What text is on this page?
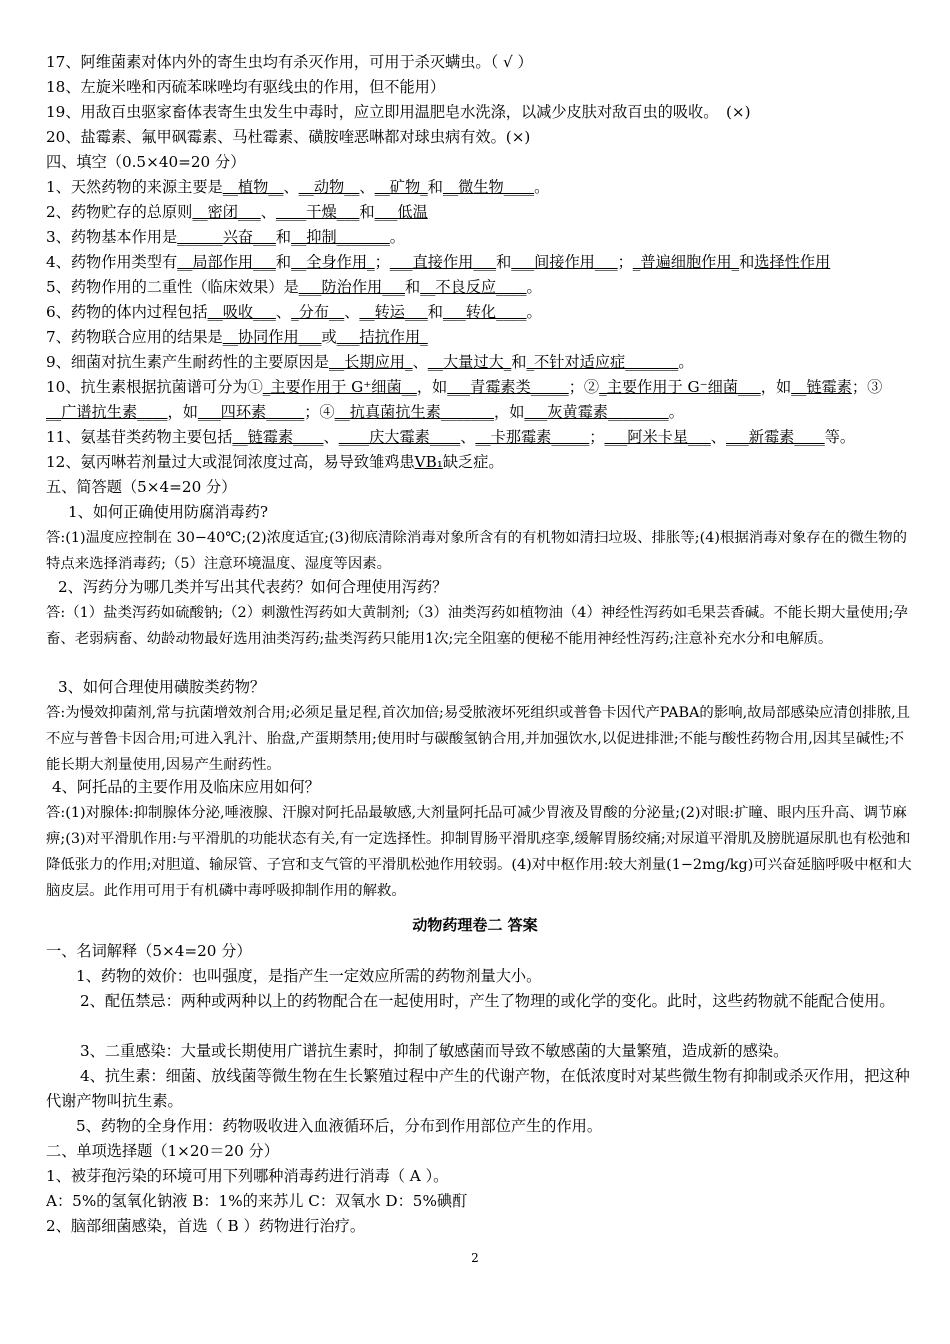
17、阿维菌素对体内外的寄生虫均有杀灭作用，可用于杀灭螨虫。（ √ ）
18、左旋米唑和丙硫苯咪唑均有驱线虫的作用，但不能用）
19、用敌百虫驱家畜体表寄生虫发生中毒时，应立即用温肥皂水洗涤，以减少皮肤对敌百虫的吸收。　(×)
20、盐霉素、氟甲砜霉素、马杜霉素、磺胺喹恶啉都对球虫病有效。(×)
四、填空（0.5×40=20 分）
1、天然药物的来源主要是__植物__、__动物__、__矿物_和__微生物____。
2、药物贮存的总原则__密闭___、____干燥___和___低温
3、药物基本作用是______兴奋___和__抑制_______。
4、药物作用类型有__局部作用___和__全身作用_；___直接作用___和___间接作用___；_普遍细胞作用_和选择性作用
5、药物作用的二重性（临床效果）是___防治作用___和__不良反应____。
6、药物的体内过程包括__吸收___、_分布__、__转运___和___转化____。
7、药物联合应用的结果是__协同作用___或___拮抗作用_
9、细菌对抗生素产生耐药性的主要原因是__长期应用_、__大量过大_和_不针对适应症_______。
10、抗生素根据抗菌谱可分为①_主要作用于 G⁺细菌__，如___青霉素类_____；②_主要作用于 G⁻细菌___，如__链霉素；③
__广谱抗生素____，如___四环素_____；④__抗真菌抗生素_______，如___灰黄霉素________。
11、氨基苷类药物主要包括__链霉素____、____庆大霉素____、__卡那霉素_____；___阿米卡星___、___新霉素____等。
12、氨丙啉若剂量过大或混饲浓度过高，易导致雏鸡患VB₁缺乏症。
五、简答题（5×4=20 分）
1、如何正确使用防腐消毒药?
答:(1)温度应控制在 30−40℃;(2)浓度适宜;(3)彻底清除消毒对象所含有的有机物如清扫垃圾、排胀等;(4)根据消毒对象存在的微生物的特点来选择消毒药;（5）注意环境温度、湿度等因素。
2、泻药分为哪几类并写出其代表药？如何合理使用泻药？
答:（1）盐类泻药如硫酸钠;（2）刺激性泻药如大黄制剂;（3）油类泻药如植物油（4）神经性泻药如毛果芸香碱。不能长期大量使用;孕畜、老弱病畜、幼龄动物最好选用油类泻药;盐类泻药只能用1次;完全阻塞的便秘不能用神经性泻药;注意补充水分和电解质。
3、如何合理使用磺胺类药物？
答:为慢效抑菌剂,常与抗菌增效剂合用;必须足量足程,首次加倍;易受脓液坏死组织或普鲁卡因代产PABA的影响,故局部感染应清创排脓,且不应与普鲁卡因合用;可进入乳汁、胎盘,产蛋期禁用;使用时与碳酸氢钠合用,并加强饮水,以促进排泄;不能与酸性药物合用,因其呈碱性;不能长期大剂量使用,因易产生耐药性。
4、阿托品的主要作用及临床应用如何？
答:(1)对腺体:抑制腺体分泌,唾液腺、汗腺对阿托品最敏感,大剂量阿托品可减少胃液及胃酸的分泌量;(2)对眼:扩瞳、眼内压升高、调节麻痹;(3)对平滑肌作用:与平滑肌的功能状态有关,有一定选择性。抑制胃肠平滑肌痉挛,缓解胃肠绞痛;对尿道平滑肌及膀胱逼尿肌也有松弛和降低张力的作用;对胆道、输尿管、子宫和支气管的平滑肌松弛作用较弱。(4)对中枢作用:较大剂量(1−2mg/kg)可兴奋延脑呼吸中枢和大脑皮层。此作用可用于有机磷中毒呼吸抑制作用的解救。
动物药理卷二 答案
一、名词解释（5×4=20 分）
1、药物的效价：也叫强度，是指产生一定效应所需的药物剂量大小。
2、配伍禁忌：两种或两种以上的药物配合在一起使用时，产生了物理的或化学的变化。此时，这些药物就不能配合使用。
3、二重感染：大量或长期使用广谱抗生素时，抑制了敏感菌而导致不敏感菌的大量繁殖，造成新的感染。
4、抗生素：细菌、放线菌等微生物在生长繁殖过程中产生的代谢产物，在低浓度时对某些微生物有抑制或杀灭作用，把这种代谢产物叫抗生素。
5、药物的全身作用：药物吸收进入血液循环后，分布到作用部位产生的作用。
二、单项选择题（1×20＝20 分）
1、被芽孢污染的环境可用下列哪种消毒药进行消毒（ A ）。
A：5%的氢氧化钠液 B：1%的来苏儿 C：双氧水 D：5%碘酊
2、脑部细菌感染，首选（ B ）药物进行治疗。
2
